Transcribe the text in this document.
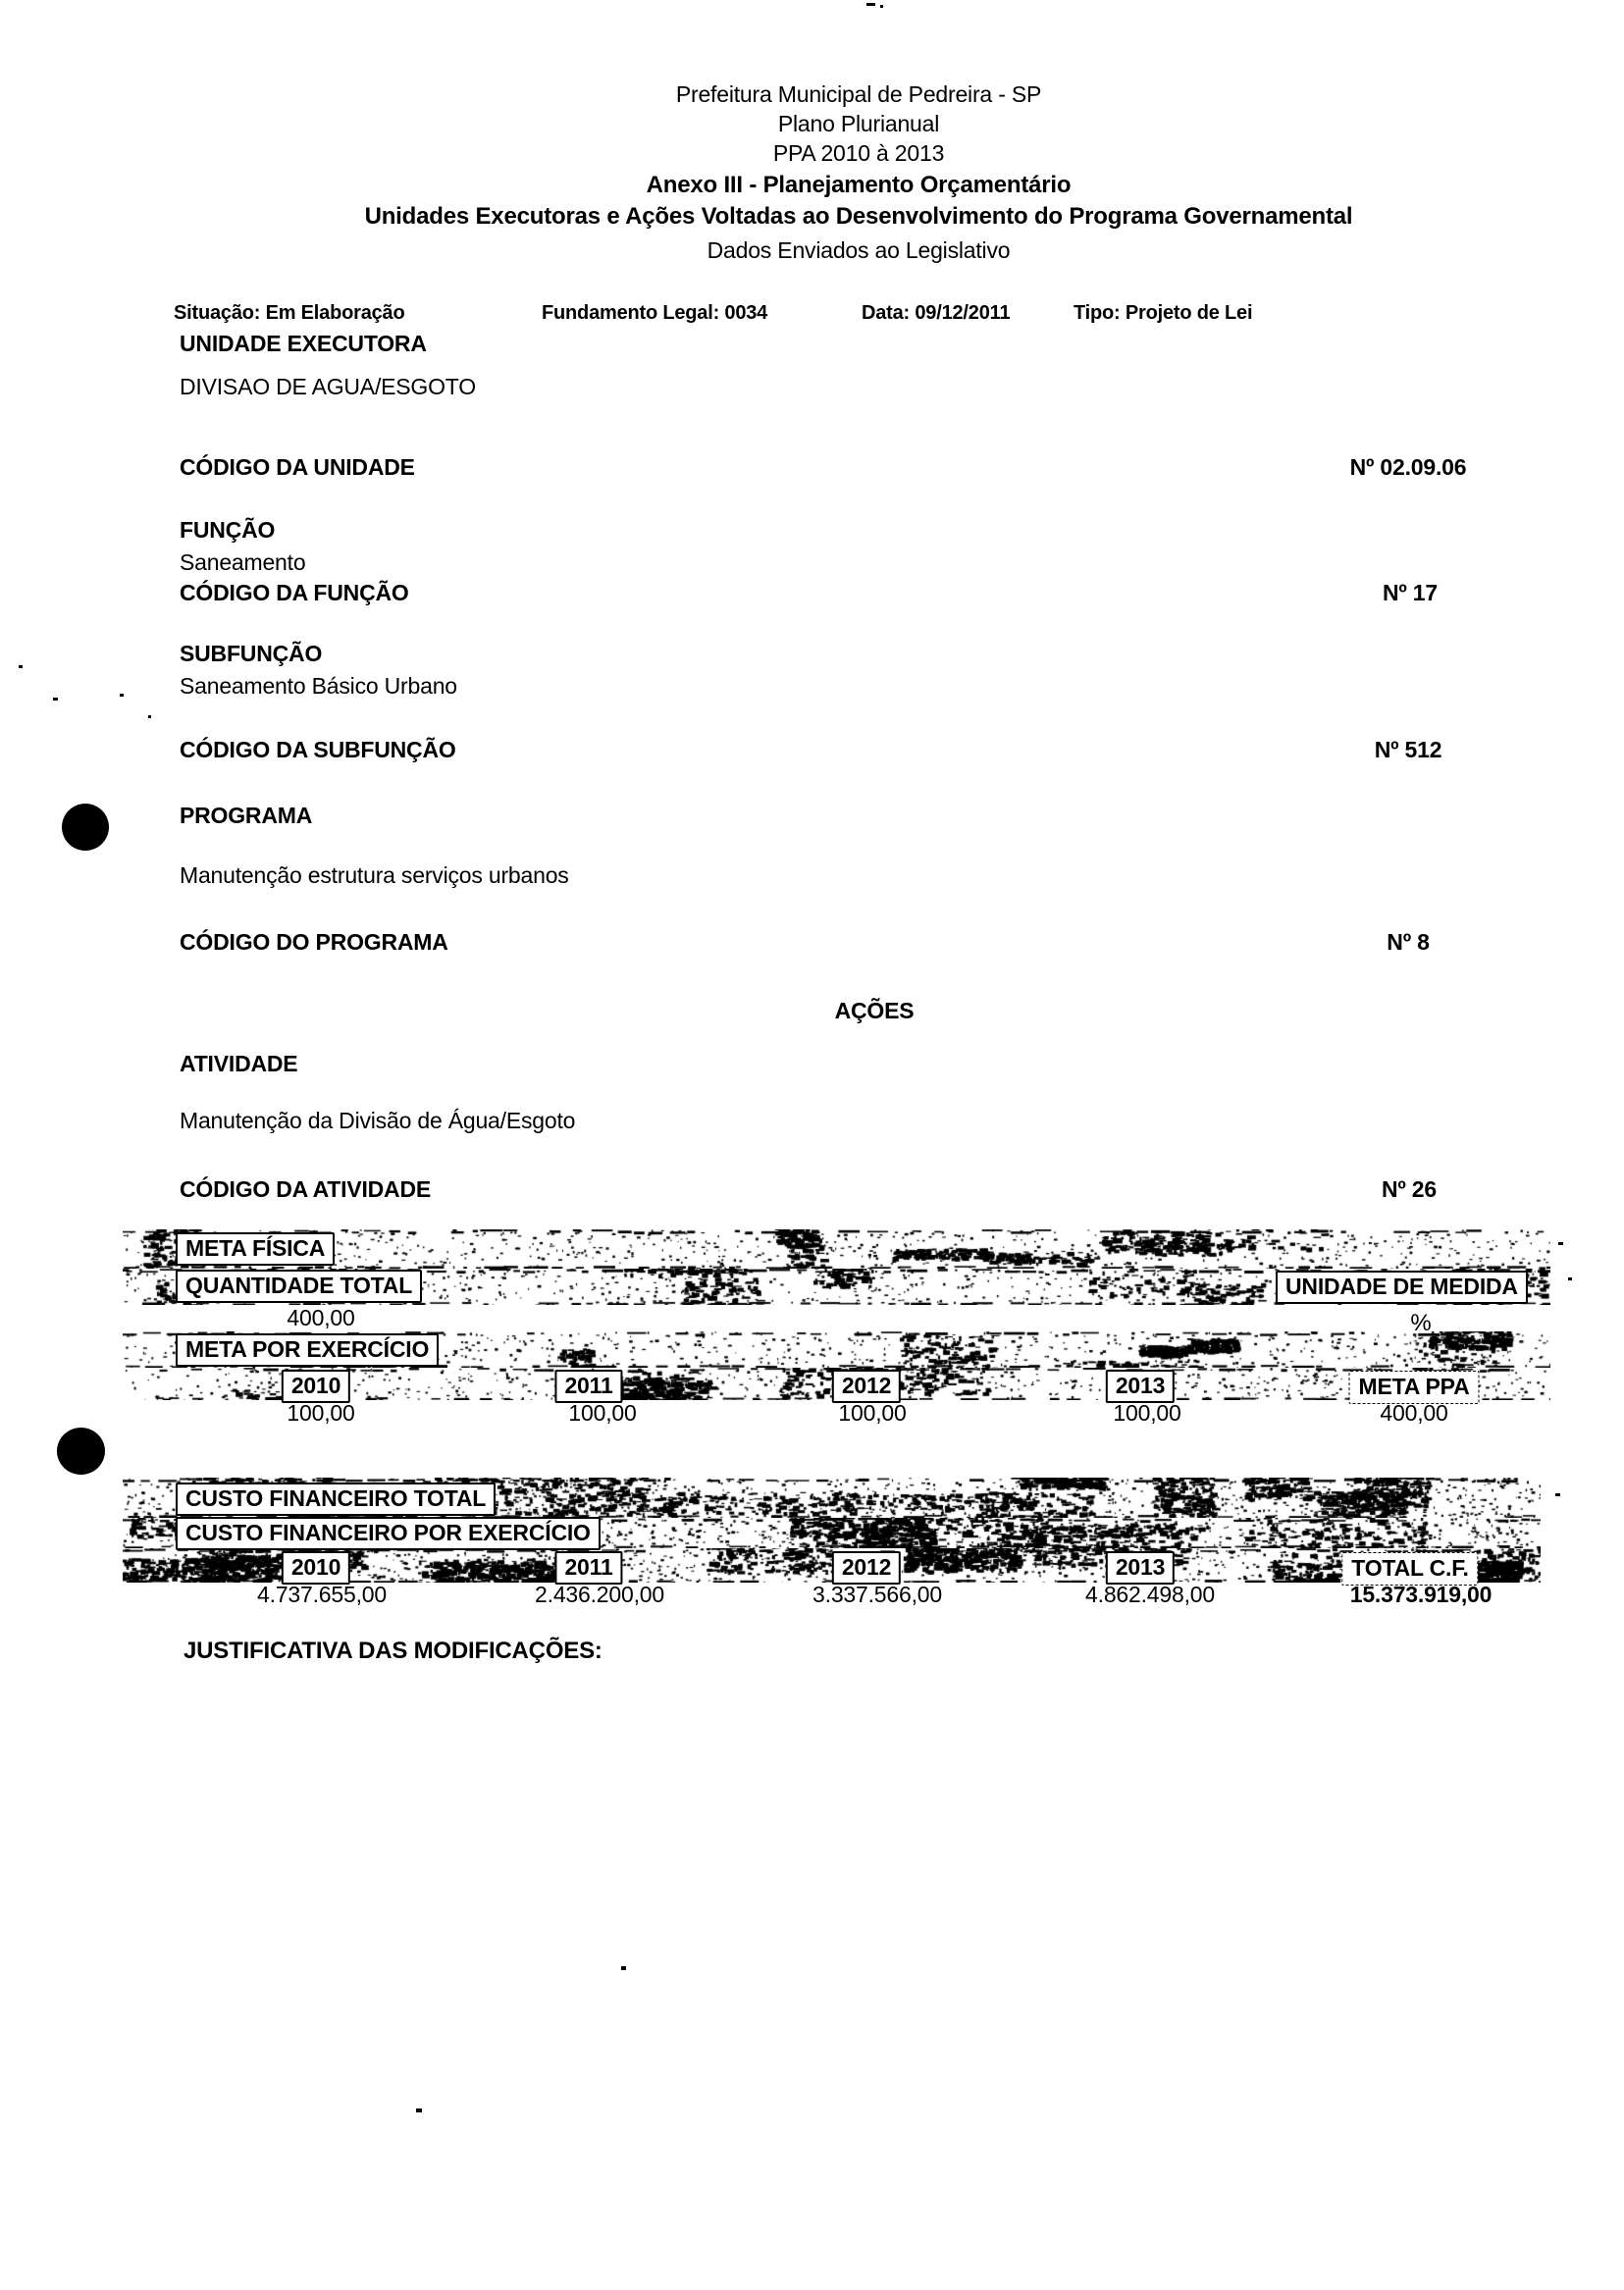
Prefeitura Municipal de Pedreira - SP
Plano Plurianual
PPA 2010 à 2013
Anexo III - Planejamento Orçamentário
Unidades Executoras e Ações Voltadas ao Desenvolvimento do Programa Governamental
Dados Enviados ao Legislativo
Situação: Em Elaboração	Fundamento Legal: 0034	Data: 09/12/2011	Tipo: Projeto de Lei
UNIDADE EXECUTORA
DIVISAO DE AGUA/ESGOTO
CÓDIGO DA UNIDADE	Nº 02.09.06
FUNÇÃO
Saneamento
CÓDIGO DA FUNÇÃO	Nº 17
SUBFUNÇÃO
Saneamento Básico Urbano
CÓDIGO DA SUBFUNÇÃO	Nº 512
PROGRAMA
Manutenção estrutura serviços urbanos
CÓDIGO DO PROGRAMA	Nº 8
AÇÕES
ATIVIDADE
Manutenção da Divisão de Água/Esgoto
CÓDIGO DA ATIVIDADE	Nº 26
META FÍSICA
QUANTIDADE TOTAL	UNIDADE DE MEDIDA
400,00	%
META POR EXERCÍCIO
2010	2011	2012	2013	META PPA
100,00	100,00	100,00	100,00	400,00
CUSTO FINANCEIRO TOTAL
CUSTO FINANCEIRO POR EXERCÍCIO
2010	2011	2012	2013	TOTAL C.F.
4.737.655,00	2.436.200,00	3.337.566,00	4.862.498,00	15.373.919,00
JUSTIFICATIVA DAS MODIFICAÇÕES:
